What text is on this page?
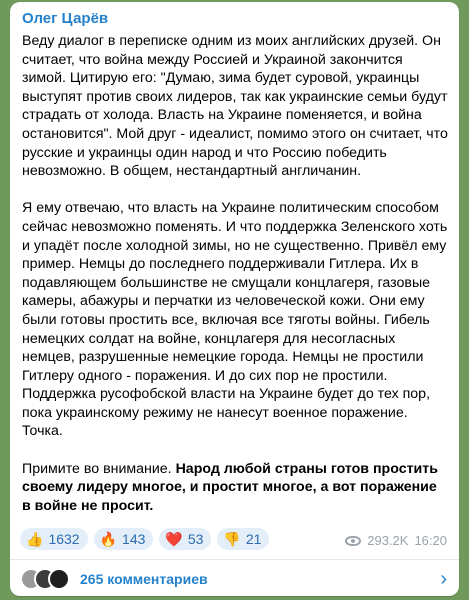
Олег Царёв

Веду диалог в переписке одним из моих английских друзей. Он считает, что война между Россией и Украиной закончится зимой. Цитирую его: "Думаю, зима будет суровой, украинцы выступят против своих лидеров, так как украинские семьи будут страдать от холода. Власть на Украине поменяется, и война остановится". Мой друг - идеалист, помимо этого он считает, что русские и украинцы один народ и что Россию победить невозможно. В общем, нестандартный англичанин.

Я ему отвечаю, что власть на Украине политическим способом сейчас невозможно поменять. И что поддержка Зеленского хоть и упадёт после холодной зимы, но не существенно. Привёл ему пример. Немцы до последнего поддерживали Гитлера. Их в подавляющем большинстве не смущали концлагеря, газовые камеры, абажуры и перчатки из человеческой кожи. Они ему были готовы простить все, включая все тяготы войны. Гибель немецких солдат на войне, концлагеря для несогласных немцев, разрушенные немецкие города. Немцы не простили Гитлеру одного - поражения. И до сих пор не простили. Поддержка русофобской власти на Украине будет до тех пор, пока украинскому режиму не нанесут военное поражение. Точка.

Примите во внимание. Народ любой страны готов простить своему лидеру многое, и простит многое, а вот поражение в войне не просит.

👍 1632 🔥 143 ❤️ 53 👎 21	293.2K 16:20
265 комментариев	›
